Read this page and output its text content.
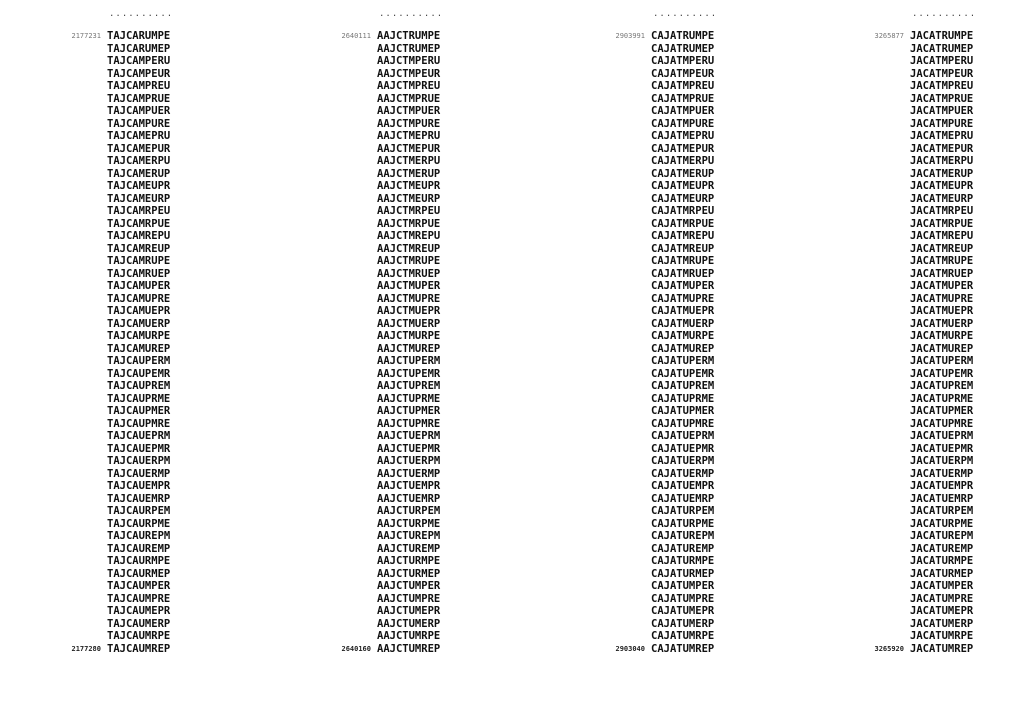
..........
2177231 TAJCARUMPE
TAJCARUMEP
TAJCAMPERU
TAJCAMPEUR
TAJCAMPREU
TAJCAMPRUE
TAJCAMPUER
TAJCAMPURE
TAJCAMEPRU
TAJCAMEPUR
TAJCAMERPU
TAJCAMERUP
TAJCAMEUPR
TAJCAMEURP
TAJCAMRPEU
TAJCAMRPUE
TAJCAMREPU
TAJCAMREUP
TAJCAMRUPE
TAJCAMRUEP
TAJCAMUPER
TAJCAMUPRE
TAJCAMUEPR
TAJCAMUERP
TAJCAMURPE
TAJCAMUREP
TAJCAUPERM
TAJCAUPEMR
TAJCAUPREM
TAJCAUPRME
TAJCAUPMER
TAJCAUPMRE
TAJCAUEPRM
TAJCAUEPMR
TAJCAUERPM
TAJCAUERMP
TAJCAUEMPR
TAJCAUEMRP
TAJCAURPEM
TAJCAURPME
TAJCAUREPM
TAJCAUREMP
TAJCAURMPE
TAJCAURMEP
TAJCAUMPER
TAJCAUMPRE
TAJCAUMEPR
TAJCAUMERP
TAJCAUMRPE
2177280 TAJCAUMREP
..........
2640111 AAJCTRUMPE
AAJCTRUMEP
AAJCTMPERU
AAJCTMPEUR
AAJCTMPREU
AAJCTMPRUE
AAJCTMPUER
AAJCTMPURE
AAJCTMEPRU
AAJCTMEPUR
AAJCTMERPU
AAJCTMERUP
AAJCTMEUPR
AAJCTMEURP
AAJCTMRPEU
AAJCTMRPUE
AAJCTMREPU
AAJCTMREUP
AAJCTMRUPE
AAJCTMRUEP
AAJCTMUPER
AAJCTMUPRE
AAJCTMUEPR
AAJCTMUERP
AAJCTMURPE
AAJCTMUREP
AAJCTUPERM
AAJCTUPEMR
AAJCTUPREM
AAJCTUPRME
AAJCTUPMER
AAJCTUPMRE
AAJCTUEPRM
AAJCTUEPMR
AAJCTUERPM
AAJCTUERMP
AAJCTUEMPR
AAJCTUEMRP
AAJCTURPEM
AAJCTURPME
AAJCTUREPM
AAJCTUREMP
AAJCTURMPE
AAJCTURMEP
AAJCTUMPER
AAJCTUMPRE
AAJCTUMEPR
AAJCTUMERP
AAJCTUMRPE
2640160 AAJCTUMREP
..........
2903991 CAJATRUMPE
CAJATRUMEP
CAJATMPERU
CAJATMPEUR
CAJATMPREU
CAJATMPRUE
CAJATMPUER
CAJATMPURE
CAJATMEPRU
CAJATMEPUR
CAJATMERPU
CAJATMERUP
CAJATMEUPR
CAJATMEURP
CAJATMRPEU
CAJATMRPUE
CAJATMREPU
CAJATMREUP
CAJATMRUPE
CAJATMRUEP
CAJATMUPER
CAJATMUPRE
CAJATMUEPR
CAJATMUERP
CAJATMURPE
CAJATMUREP
CAJATUPERM
CAJATUPEMR
CAJATUPREM
CAJATUPRME
CAJATUPMER
CAJATUPMRE
CAJATUEPRM
CAJATUEPMR
CAJATUERPM
CAJATUERMP
CAJATUEMPR
CAJATUEMRP
CAJATURPEM
CAJATURPME
CAJATUREPM
CAJATUREMP
CAJATURMPE
CAJATURMEP
CAJATUMPER
CAJATUMPRE
CAJATUMEPR
CAJATUMERP
CAJATUMRPE
2903040 CAJATUMREP
..........
3265877 JACATRUMPE
JACATRUMEP
JACATMPERU
JACATMPEUR
JACATMPREU
JACATMPRUE
JACATMPUER
JACATMPURE
JACATMEPRU
JACATMEPUR
JACATMERPU
JACATMERUP
JACATMEUPR
JACATMEURP
JACATMRPEU
JACATMRPUE
JACATMREPU
JACATMREUP
JACATMRUPE
JACATMRUEP
JACATMUPER
JACATMUPRE
JACATMUEPR
JACATMUERP
JACATMURPE
JACATMUREP
JACATUPERM
JACATUPEMR
JACATUPREM
JACATUPRME
JACATUPMER
JACATUPMRE
JACATUEPRM
JACATUEPMR
JACATUERPM
JACATUERMP
JACATUEMPR
JACATUEMRP
JACATURPEM
JACATURPME
JACATUREPM
JACATUREMP
JACATURMPE
JACATURMEP
JACATUMPER
JACATUMPRE
JACATUMEPR
JACATUMERP
JACATUMRPE
3265920 JACATUMREP
